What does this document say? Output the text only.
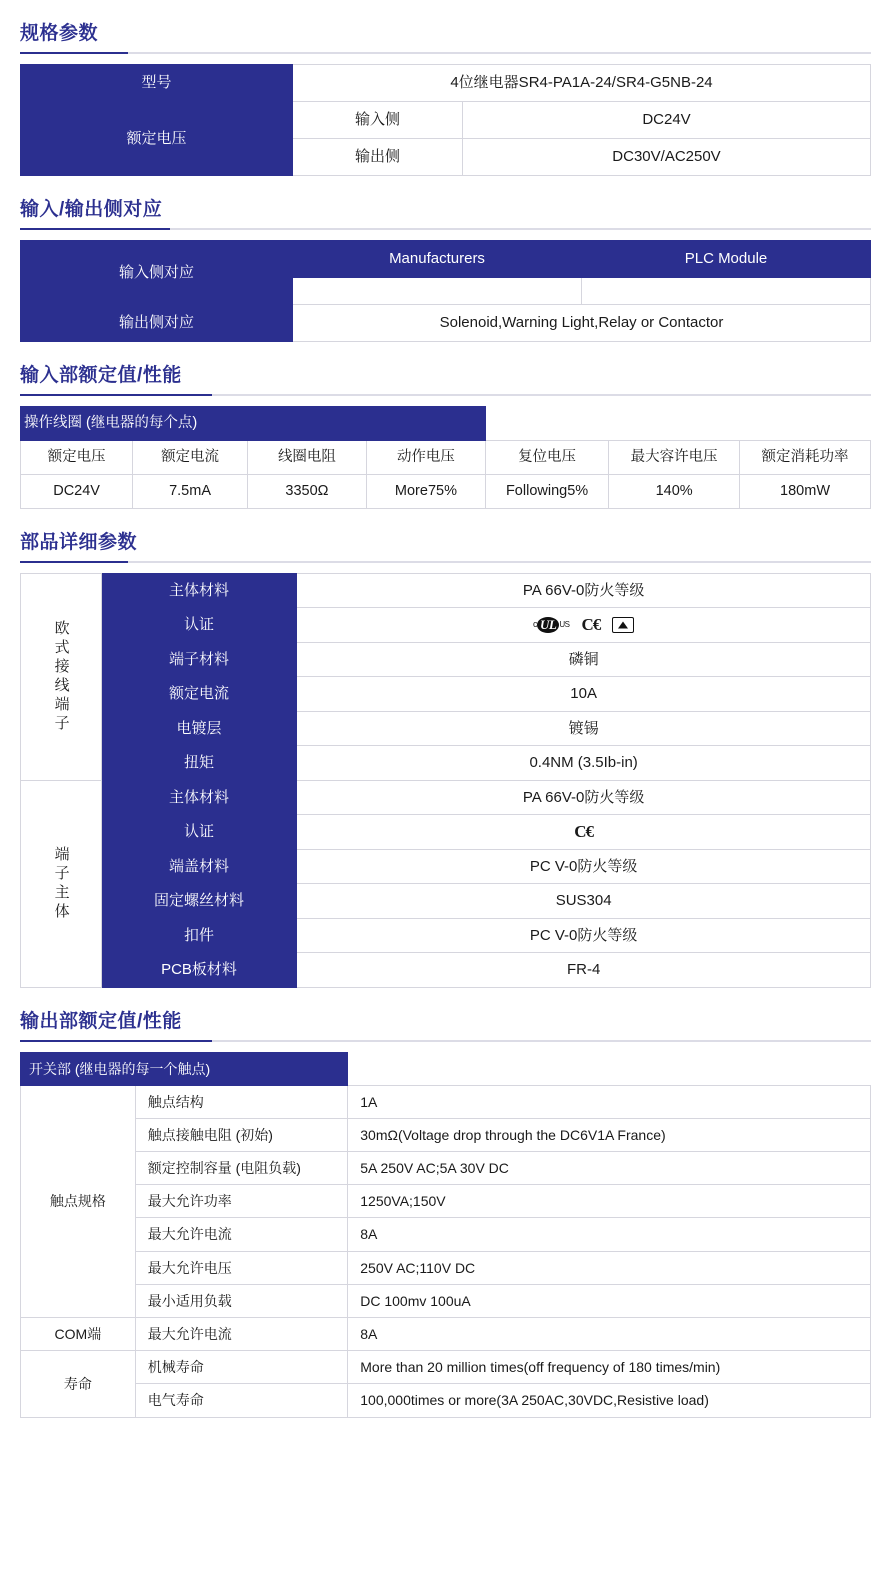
规格参数
型号	4位继电器SR4-PA1A-24/SR4-G5NB-24	
额定电压	输入侧	DC24V
	输出侧	DC30V/AC250V
输入/输出侧对应
输入侧对应	Manufacturers	PLC Module

输出侧对应	Solenoid,Warning Light,Relay or Contactor	
输入部额定值/性能
操作线圈 (继电器的每个点)						
额定电压	额定电流	线圈电阻	动作电压	复位电压	最大容许电压	额定消耗功率
DC24V	7.5mA	3350Ω	More75%	Following5%	140%	180mW
部品详细参数
欧式接线端子	主体材料	PA 66V-0防火等级
	认证	c UL US C€

	端子材料	磷铜
	额定电流	10A
	电镀层	镀锡
	扭矩	0.4NM (3.5Ib-in)
端子主体	主体材料	PA 66V-0防火等级
	认证	C€

	端盖材料	PC V-0防火等级
	固定螺丝材料	SUS304
	扣件	PC V-0防火等级
	PCB板材料	FR-4
输出部额定值/性能
开关部 (继电器的每一个触点)		
触点规格	触点结构	1A
	触点接触电阻 (初始)	30mΩ(Voltage drop through the DC6V1A France)
	额定控制容量 (电阻负载)	5A 250V AC;5A 30V DC
	最大允许功率	1250VA;150V
	最大允许电流	8A
	最大允许电压	250V AC;110V DC
	最小适用负载	DC 100mv 100uA
COM端	最大允许电流	8A
寿命	机械寿命	More than 20 million times(off frequency of 180 times/min)
	电气寿命	100,000times or more(3A 250AC,30VDC,Resistive load)
